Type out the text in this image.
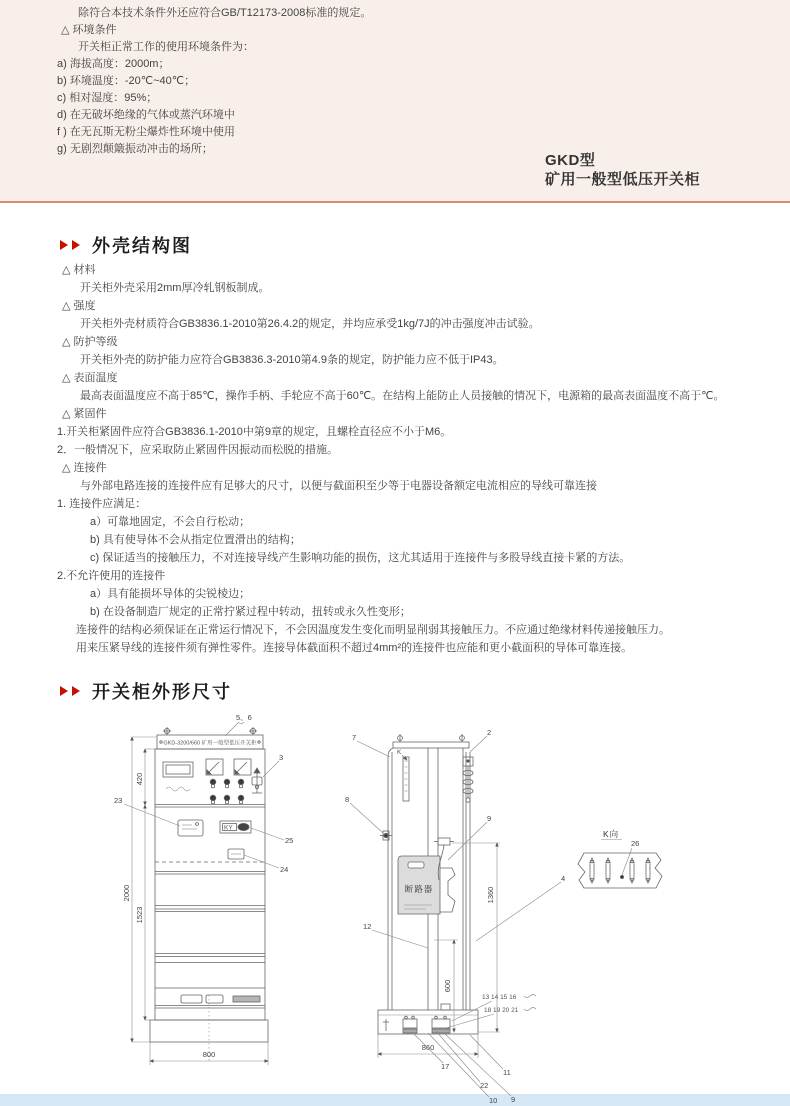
除符合本技术条件外还应符合GB/T12173-2008标准的规定。
△ 环境条件
开关柜正常工作的使用环境条件为：
a) 海拔高度：2000m；
b) 环境温度：-20℃~40℃；
c) 相对湿度：95%；
d) 在无破坏绝缘的气体或蒸汽环境中
f ) 在无瓦斯无粉尘爆炸性环境中使用
g) 无剧烈颠簸振动冲击的场所；
GKD型
矿用一般型低压开关柜
外壳结构图
△ 材料
开关柜外壳采用2mm厚冷轧钢板制成。
△ 强度
开关柜外壳材质符合GB3836.1-2010第26.4.2的规定，并均应承受1kg/7J的冲击强度冲击试验。
△ 防护等级
开关柜外壳的防护能力应符合GB3836.3-2010第4.9条的规定，防护能力应不低于IP43。
△ 表面温度
最高表面温度应不高于85℃，操作手柄、手轮应不高于60℃。在结构上能防止人员接触的情况下，电源箱的最高表面温度不高于℃。
△ 紧固件
1.开关柜紧固件应符合GB3836.1-2010中第9章的规定，且螺栓直径应不小于M6。
2．一般情况下，应采取防止紧固件因振动而松脱的措施。
△ 连接件
与外部电路连接的连接件应有足够大的尺寸，以便与截面积至少等于电器设备额定电流相应的导线可靠连接
1. 连接件应满足：
a）可靠地固定，不会自行松动；
b) 具有使导体不会从指定位置滑出的结构；
c) 保证适当的接触压力，不对连接导线产生影响功能的损伤，这尤其适用于连接件与多股导线直接卡紧的方法。
2.不允许使用的连接件
a）具有能损坏导体的尖锐棱边；
b) 在设备制造厂规定的正常拧紧过程中转动，扭转或永久性变形；
连接件的结构必须保证在正常运行情况下，不会因温度发生变化而明显削弱其接触压力。不应通过绝缘材料传递接触压力。
用来压紧导线的连接件须有弹性零件。连接导体截面积不超过4mm²的连接件也应能和更小截面积的导体可靠连接。
开关柜外形尺寸
KY
2000
420
1523
800
GKD-3200/660 矿用一般型低压开关柜
5、6
3
23
25
24
K
断路器
600
1360
860
7
2
8
9
4
12
13 14 15 16
18 19 20 21
17
11
22
10 9
K向
26
